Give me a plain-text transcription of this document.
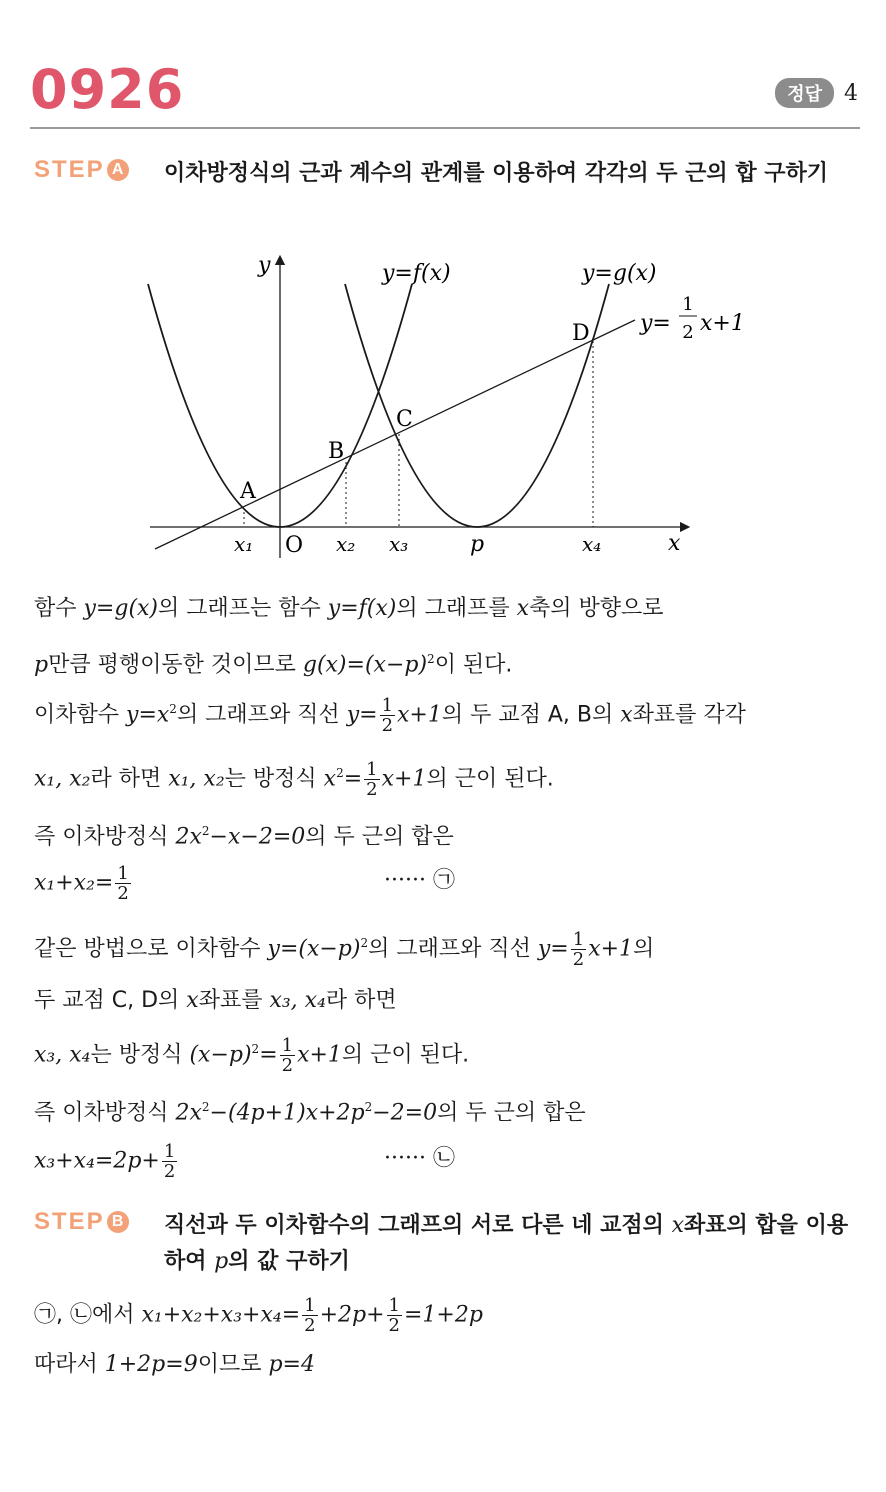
0926	정답	4
STEP A 이차방정식의 근과 계수의 관계를 이용하여 각각의 두 근의 합 구하기
y
x
O
y=f(x)	y=g(x)
y=
1
2 x+1
A
B
C
D
x₁	x₂ x₃	p	x₄
함수 y=g(x)의 그래프는 함수 y=f(x)의 그래프를 x축의 방향으로
p만큼 평행이동한 것이므로 $g(x)=(x-p)^2$이 된다.
이차함수 $y=x^2$의 그래프와 직선 $y= \frac{1}{2} x+1$의 두 교점 A, B의 x좌표를 각각
x₁, x₂라 하면 x₁, x₂는 방정식 $x^2= \frac{1}{2} x+1$의 근이 된다.
즉 이차방정식 $2x^2-x-2=0$의 두 근의 합은
$x_1+x_2= \frac{1}{2}$	······ ㉠
같은 방법으로 이차함수 $y=(x-p)^2$의 그래프와 직선 $y= \frac{1}{2} x+1$의
두 교점 C, D의 x좌표를 x₃, x₄라 하면
x₃, x₄는 방정식 $(x-p)^2= \frac{1}{2} x+1$의 근이 된다.
즉 이차방정식 $2x^2-(4p+1)x+2p^2-2=0$의 두 근의 합은
$x_3+x_4=2p+ \frac{1}{2}$	······ ㉡
STEP B 직선과 두 이차함수의 그래프의 서로 다른 네 교점의 x좌표의 합을 이용하여 p의 값 구하기
㉠, ㉡에서 $x_1+x_2+x_3+x_4= \frac{1}{2} +2p+ \frac{1}{2} =1+2p$
따라서 1+2p=9이므로 p=4
